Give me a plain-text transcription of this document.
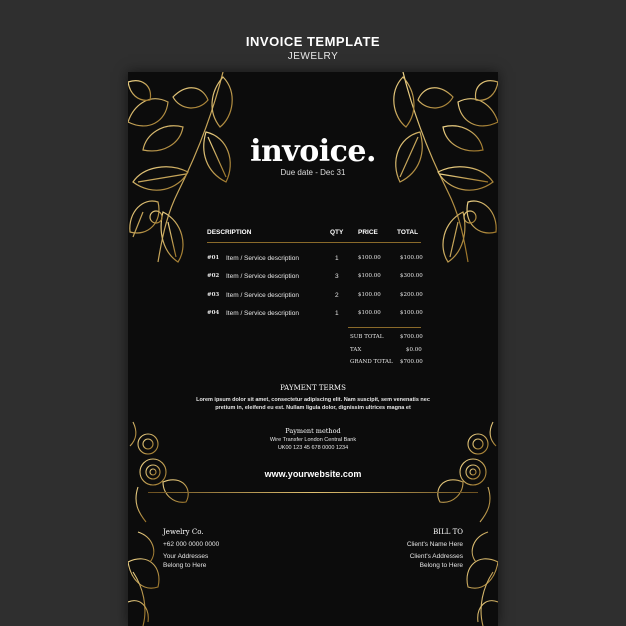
INVOICE TEMPLATE
JEWELRY
invoice.
Due date - Dec 31
DESCRIPTION	QTY PRICE	TOTAL
#01 Item / Service description	1	$100.00	$100.00
#02 Item / Service description	3	$100.00	$300.00
#03 Item / Service description	2	$100.00	$200.00
#04 Item / Service description	1	$100.00	$100.00
SUB TOTAL	$700.00
TAX	$0.00
GRAND TOTAL $700.00
PAYMENT TERMS
Lorem ipsum dolor sit amet, consectetur adipiscing elit. Nam suscipit, sem venenatis nec
pretium in, eleifend eu est. Nullam ligula dolor, dignissim ultrices magna et
Payment method
Wire Transfer London Central Bank
UK00 123 45 678 0000 1234
www.yourwebsite.com
Jewelry Co.
+62 000 0000 0000
Your Addresses
Belong to Here
BILL TO
Client's Name Here
Client's Addresses
Belong to Here
